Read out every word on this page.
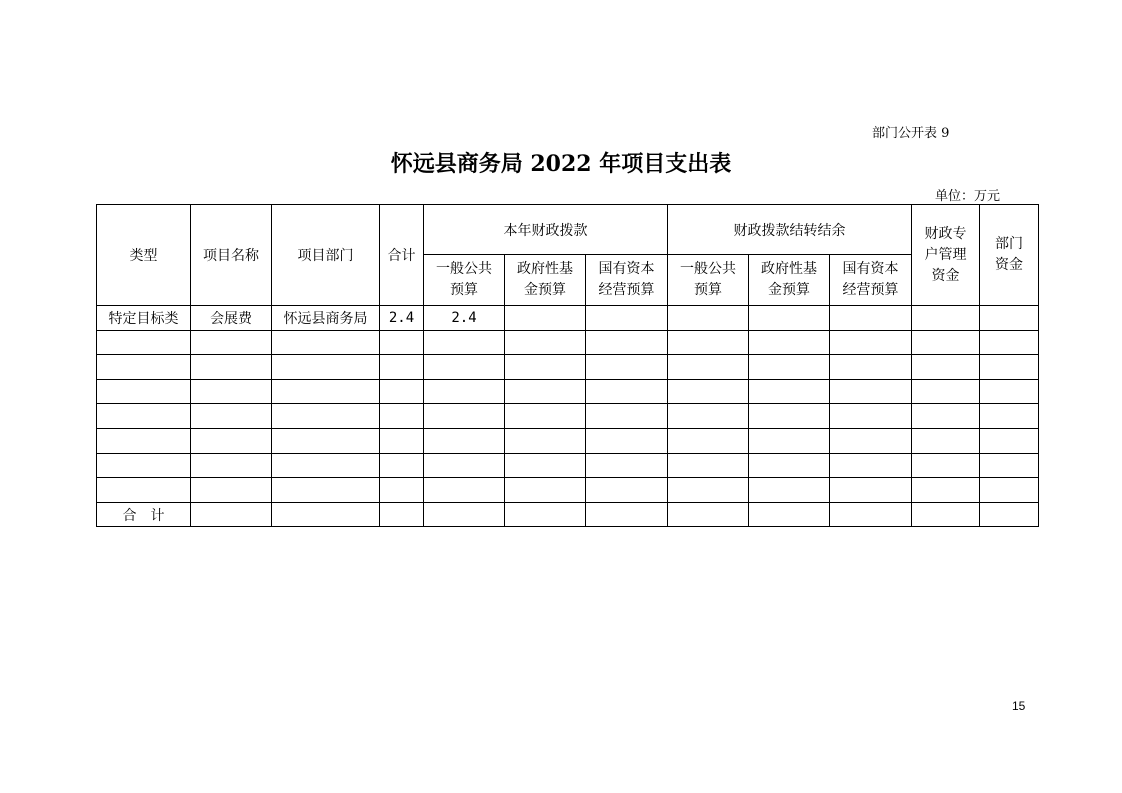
部门公开表 9
怀远县商务局 2022 年项目支出表
单位：万元
类型	项目名称	项目部门	合计	本年财政拨款			财政拨款结转结余			财政专户管理资金	部门资金

				一般公共预算	政府性基金预算	国有资本经营预算	一般公共预算	政府性基金预算	国有资本经营预算		

特定目标类	会展费	怀远县商务局	2.4	2.4							

合计											
15
